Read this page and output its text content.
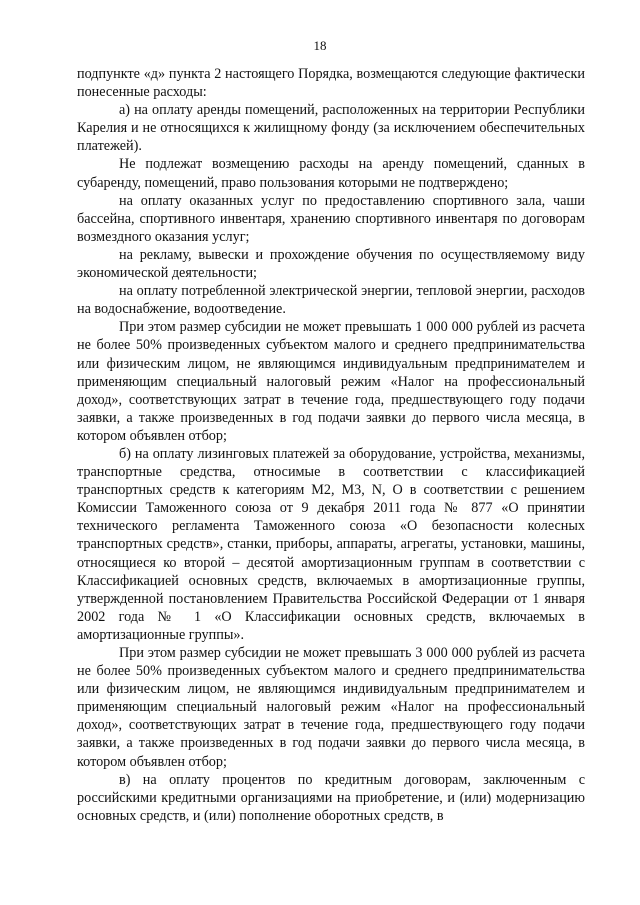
18

подпункте «д» пункта 2 настоящего Порядка, возмещаются следующие фактически понесенные расходы:

а) на оплату аренды помещений, расположенных на территории Республики Карелия и не относящихся к жилищному фонду (за исключением обеспечительных платежей).

Не подлежат возмещению расходы на аренду помещений, сданных в субаренду, помещений, право пользования которыми не подтверждено;

на оплату оказанных услуг по предоставлению спортивного зала, чаши бассейна, спортивного инвентаря, хранению спортивного инвентаря по договорам возмездного оказания услуг;

на рекламу, вывески и прохождение обучения по осуществляемому виду экономической деятельности;

на оплату потребленной электрической энергии, тепловой энергии, расходов на водоснабжение, водоотведение.

При этом размер субсидии не может превышать 1 000 000 рублей из расчета не более 50% произведенных субъектом малого и среднего предпринимательства или физическим лицом, не являющимся индивидуальным предпринимателем и применяющим специальный налоговый режим «Налог на профессиональный доход», соответствующих затрат в течение года, предшествующего году подачи заявки, а также произведенных в год подачи заявки до первого числа месяца, в котором объявлен отбор;

б) на оплату лизинговых платежей за оборудование, устройства, механизмы, транспортные средства, относимые в соответствии с классификацией транспортных средств к категориям М2, М3, N, О в соответствии с решением Комиссии Таможенного союза от 9 декабря 2011 года № 877 «О принятии технического регламента Таможенного союза «О безопасности колесных транспортных средств», станки, приборы, аппараты, агрегаты, установки, машины, относящиеся ко второй – десятой амортизационным группам в соответствии с Классификацией основных средств, включаемых в амортизационные группы, утвержденной постановлением Правительства Российской Федерации от 1 января 2002 года № 1 «О Классификации основных средств, включаемых в амортизационные группы».

При этом размер субсидии не может превышать 3 000 000 рублей из расчета не более 50% произведенных субъектом малого и среднего предпринимательства или физическим лицом, не являющимся индивидуальным предпринимателем и применяющим специальный налоговый режим «Налог на профессиональный доход», соответствующих затрат в течение года, предшествующего году подачи заявки, а также произведенных в год подачи заявки до первого числа месяца, в котором объявлен отбор;

в) на оплату процентов по кредитным договорам, заключенным с российскими кредитными организациями на приобретение, и (или) модернизацию основных средств, и (или) пополнение оборотных средств, в
